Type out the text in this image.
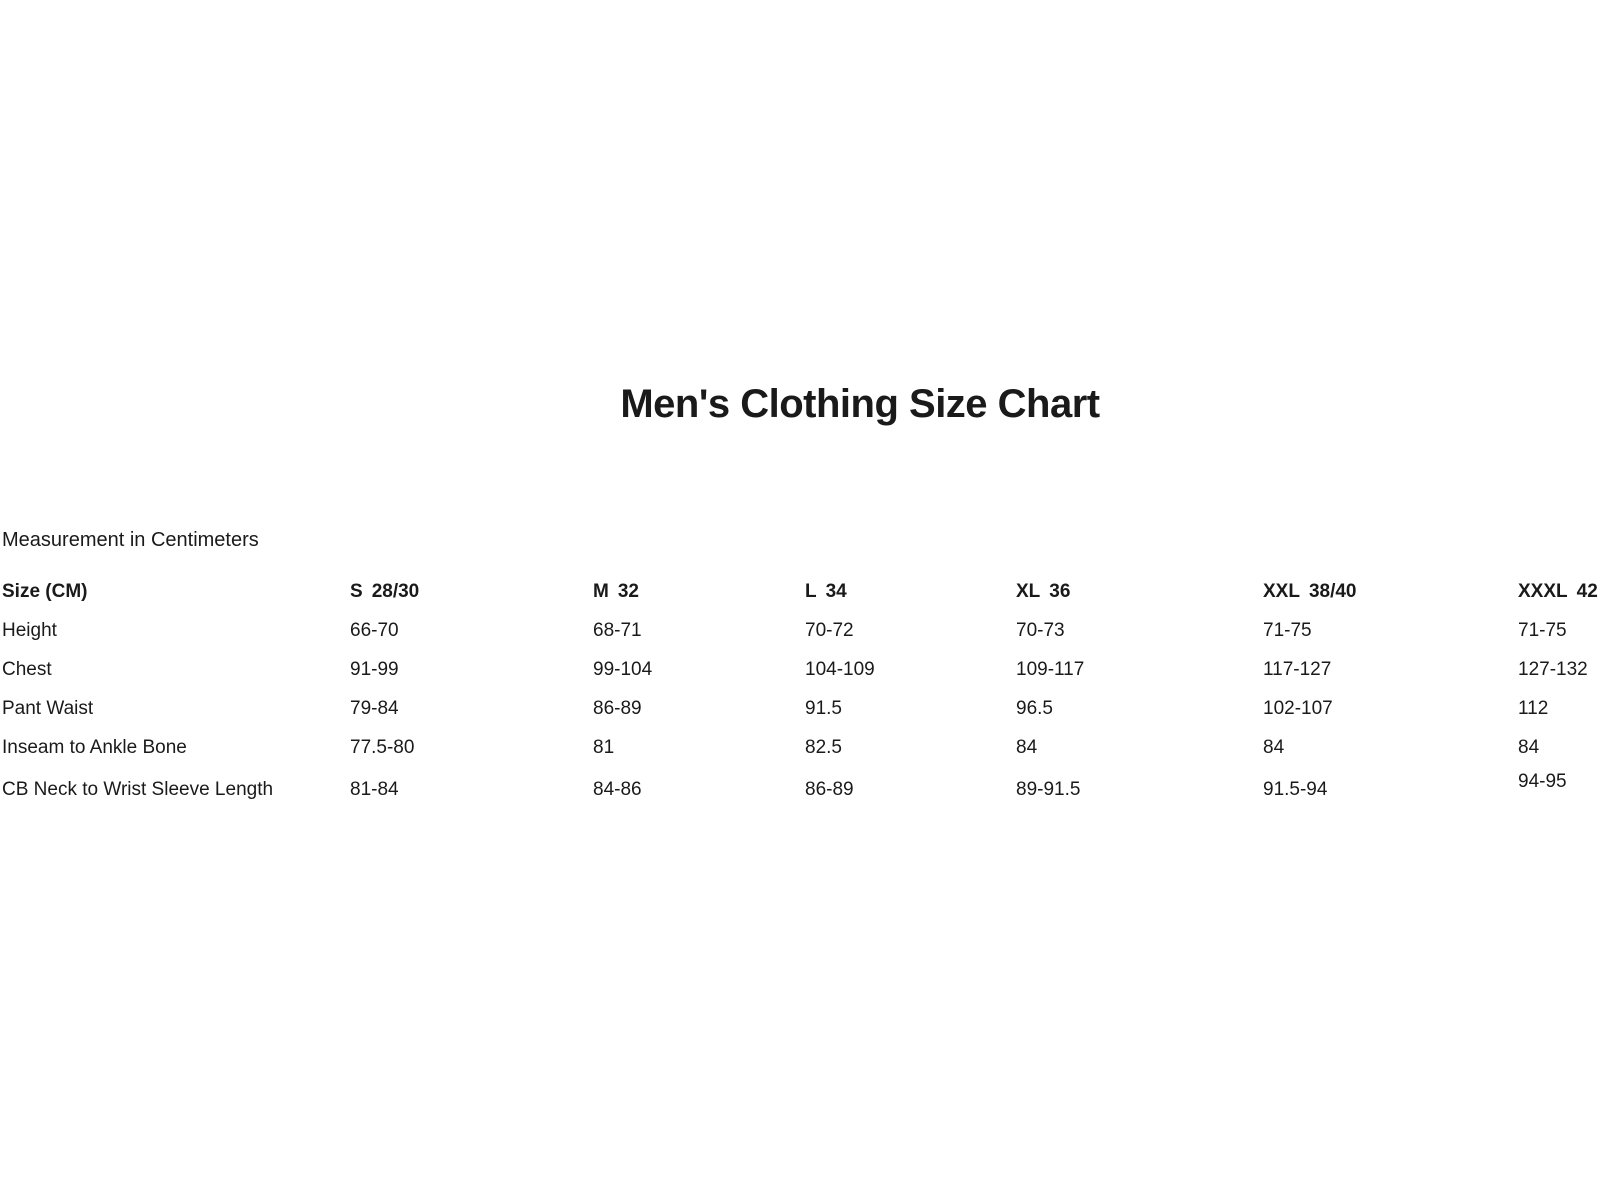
Men's Clothing Size Chart

Measurement in Centimeters

Size (CM)	S 28/30	M 32	L 34	XL 36	XXL 38/40	XXXL 42
Height	66-70	68-71	70-72	70-73	71-75	71-75
Chest	91-99	99-104	104-109	109-117	117-127	127-132
Pant Waist	79-84	86-89	91.5	96.5	102-107	112
Inseam to Ankle Bone	77.5-80	81	82.5	84	84	84
CB Neck to Wrist Sleeve Length	81-84	84-86	86-89	89-91.5	91.5-94	94-95
